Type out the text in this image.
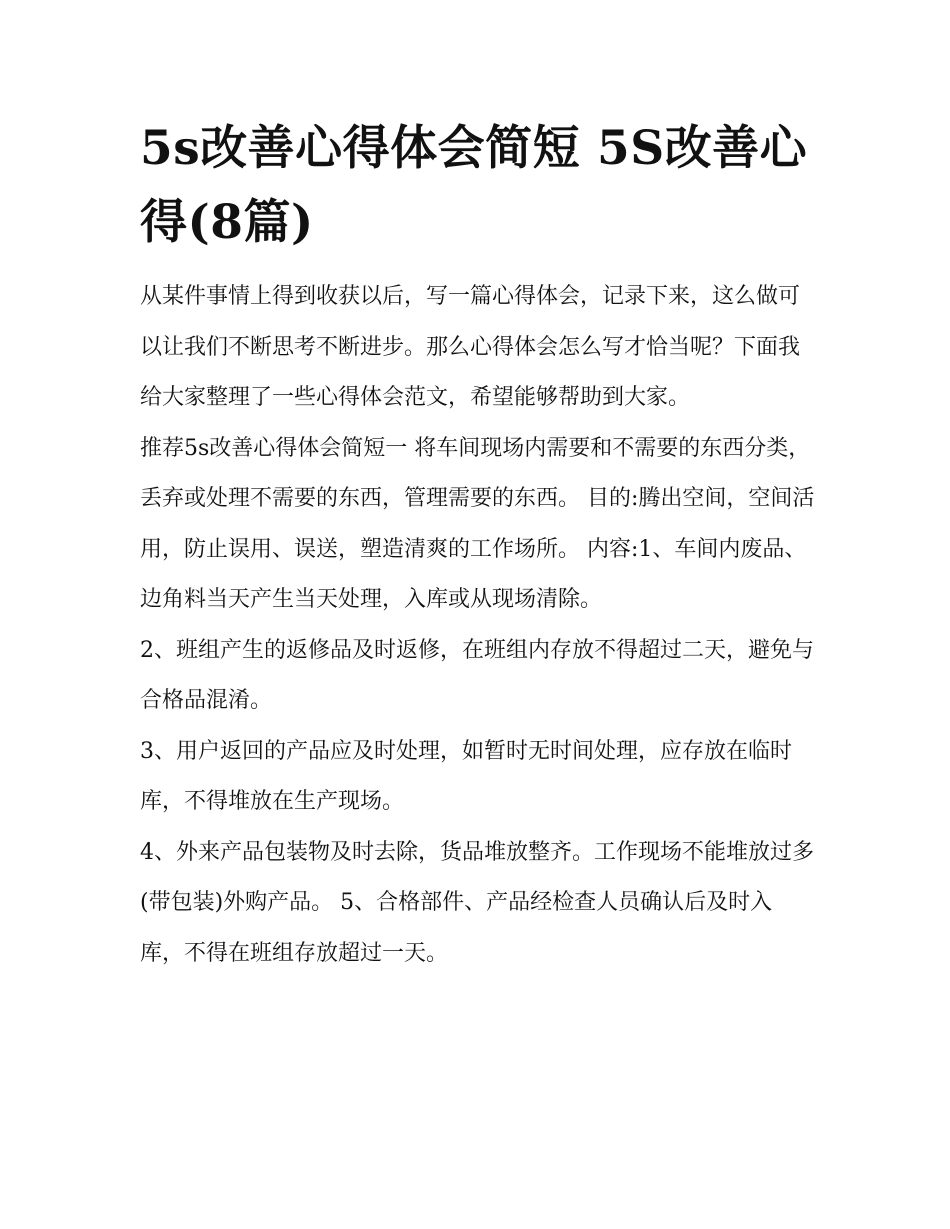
5s改善心得体会简短 5S改善心得(8篇)

从某件事情上得到收获以后，写一篇心得体会，记录下来，这么做可以让我们不断思考不断进步。那么心得体会怎么写才恰当呢？下面我给大家整理了一些心得体会范文，希望能够帮助到大家。

推荐5s改善心得体会简短一 将车间现场内需要和不需要的东西分类，丢弃或处理不需要的东西，管理需要的东西。 目的:腾出空间，空间活用，防止误用、误送，塑造清爽的工作场所。 内容:1、车间内废品、边角料当天产生当天处理，入库或从现场清除。

2、班组产生的返修品及时返修，在班组内存放不得超过二天，避免与合格品混淆。

3、用户返回的产品应及时处理，如暂时无时间处理，应存放在临时库，不得堆放在生产现场。

4、外来产品包装物及时去除，货品堆放整齐。工作现场不能堆放过多(带包装)外购产品。 5、合格部件、产品经检查人员确认后及时入库，不得在班组存放超过一天。
